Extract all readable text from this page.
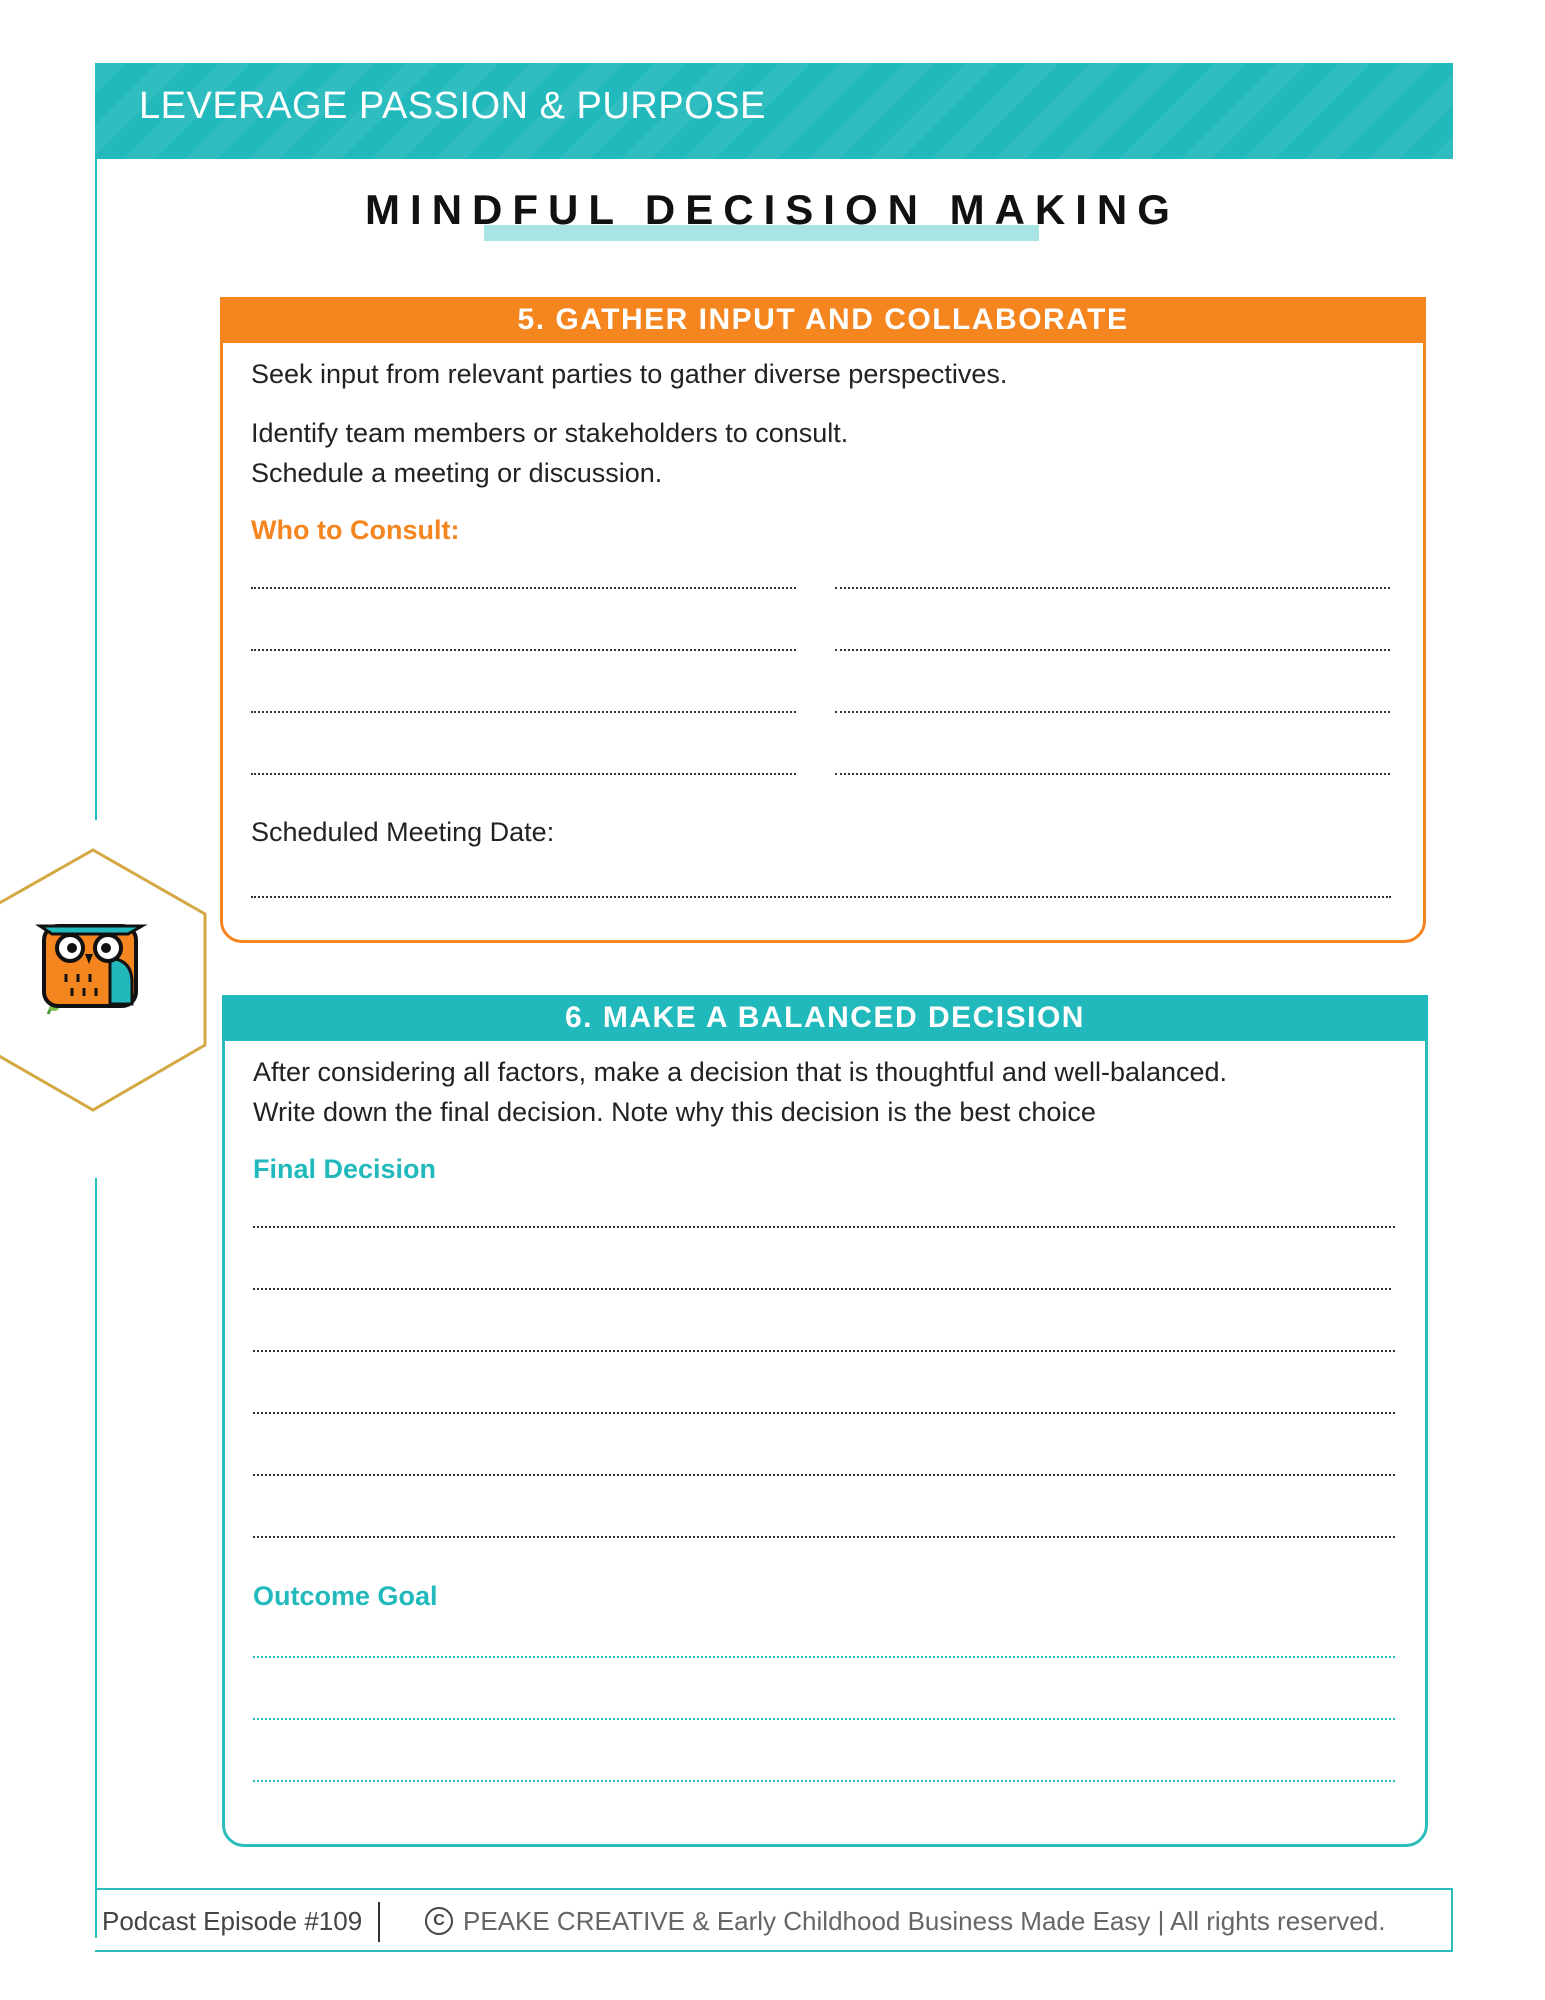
LEVERAGE PASSION & PURPOSE
MINDFUL DECISION MAKING
5. GATHER INPUT AND COLLABORATE
Seek input from relevant parties to gather diverse perspectives.
Identify team members or stakeholders to consult.
Schedule a meeting or discussion.
Who to Consult:
Scheduled Meeting Date:
6. MAKE A BALANCED DECISION
After considering all factors, make a decision that is thoughtful and well-balanced.
Write down the final decision. Note why this decision is the best choice
Final Decision
Outcome Goal
Podcast Episode #109	C PEAKE CREATIVE & Early Childhood Business Made Easy | All rights reserved.
